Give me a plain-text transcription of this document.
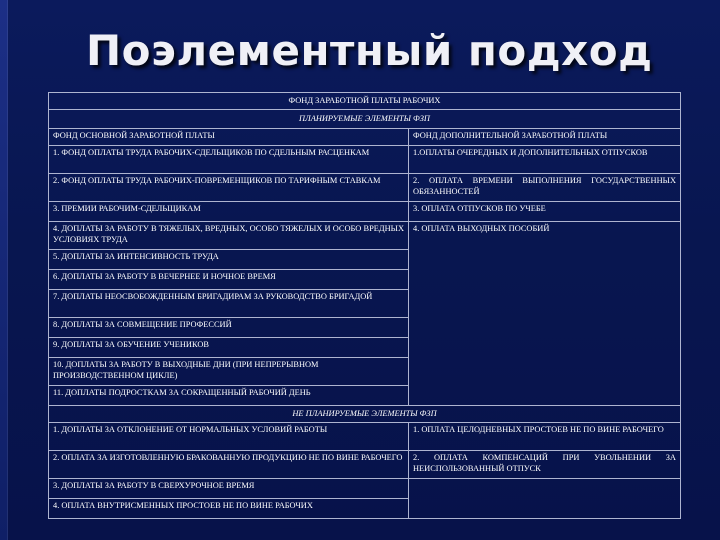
Поэлементный подход
ФОНД ЗАРАБОТНОЙ ПЛАТЫ РАБОЧИХ	
ПЛАНИРУЕМЫЕ ЭЛЕМЕНТЫ ФЗП	
ФОНД ОСНОВНОЙ ЗАРАБОТНОЙ ПЛАТЫ	ФОНД ДОПОЛНИТЕЛЬНОЙ ЗАРАБОТНОЙ ПЛАТЫ
1. ФОНД ОПЛАТЫ ТРУДА РАБОЧИХ-СДЕЛЬЩИКОВ ПО СДЕЛЬНЫМ РАСЦЕНКАМ	1.ОПЛАТЫ ОЧЕРЕДНЫХ И ДОПОЛНИТЕЛЬНЫХ ОТПУСКОВ
2. ФОНД ОПЛАТЫ ТРУДА РАБОЧИХ-ПОВРЕМЕНЩИКОВ ПО ТАРИФНЫМ СТАВКАМ	2. ОПЛАТА ВРЕМЕНИ ВЫПОЛНЕНИЯ ГОСУДАРСТВЕННЫХ ОБЯЗАННОСТЕЙ
3. ПРЕМИИ РАБОЧИМ-СДЕЛЬЩИКАМ	3. ОПЛАТА ОТПУСКОВ ПО УЧЕБЕ
4. ДОПЛАТЫ ЗА РАБОТУ В ТЯЖЕЛЫХ, ВРЕДНЫХ, ОСОБО ТЯЖЕЛЫХ И ОСОБО ВРЕДНЫХ УСЛОВИЯХ ТРУДА	4. ОПЛАТА ВЫХОДНЫХ ПОСОБИЙ
5. ДОПЛАТЫ ЗА ИНТЕНСИВНОСТЬ ТРУДА	
6. ДОПЛАТЫ ЗА РАБОТУ В ВЕЧЕРНЕЕ И НОЧНОЕ ВРЕМЯ	
7. ДОПЛАТЫ НЕОСВОБОЖДЕННЫМ БРИГАДИРАМ ЗА РУКОВОДСТВО БРИГАДОЙ	
8. ДОПЛАТЫ ЗА СОВМЕЩЕНИЕ ПРОФЕССИЙ	
9. ДОПЛАТЫ ЗА ОБУЧЕНИЕ УЧЕНИКОВ	
10. ДОПЛАТЫ ЗА РАБОТУ В ВЫХОДНЫЕ ДНИ (ПРИ НЕПРЕРЫВНОМ ПРОИЗВОДСТВЕННОМ ЦИКЛЕ)	
11. ДОПЛАТЫ ПОДРОСТКАМ ЗА СОКРАЩЕННЫЙ РАБОЧИЙ ДЕНЬ	
НЕ ПЛАНИРУЕМЫЕ ЭЛЕМЕНТЫ ФЗП	
1. ДОПЛАТЫ ЗА ОТКЛОНЕНИЕ ОТ НОРМАЛЬНЫХ УСЛОВИЙ РАБОТЫ	1. ОПЛАТА ЦЕЛОДНЕВНЫХ ПРОСТОЕВ НЕ ПО ВИНЕ РАБОЧЕГО
2. ОПЛАТА ЗА ИЗГОТОВЛЕННУЮ БРАКОВАННУЮ ПРОДУКЦИЮ НЕ ПО ВИНЕ РАБОЧЕГО	2. ОПЛАТА КОМПЕНСАЦИЙ ПРИ УВОЛЬНЕНИИ ЗА НЕИСПОЛЬЗОВАННЫЙ ОТПУСК
3. ДОПЛАТЫ ЗА РАБОТУ В СВЕРХУРОЧНОЕ ВРЕМЯ	
4. ОПЛАТА ВНУТРИСМЕННЫХ ПРОСТОЕВ НЕ ПО ВИНЕ РАБОЧИХ	
